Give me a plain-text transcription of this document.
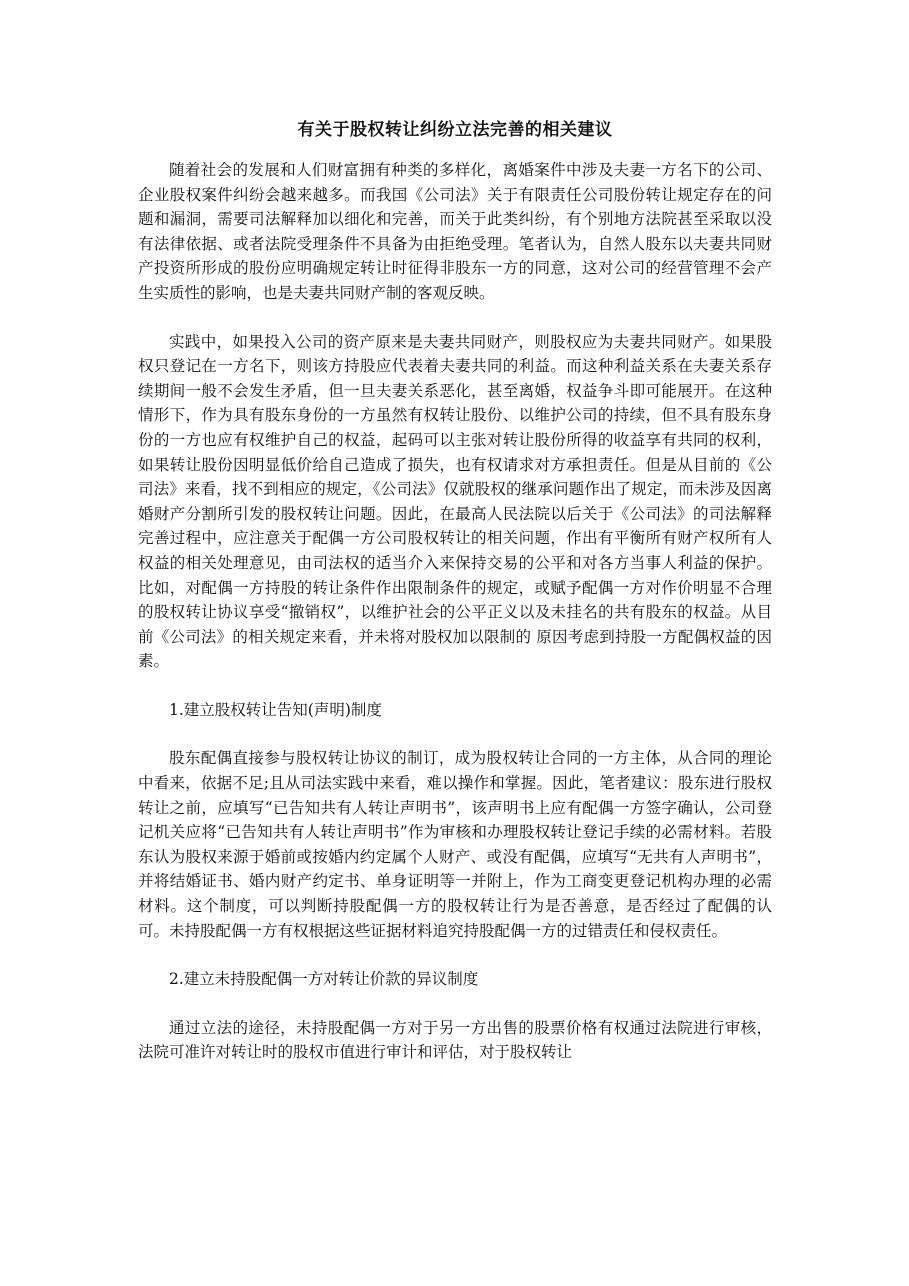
有关于股权转让纠纷立法完善的相关建议

随着社会的发展和人们财富拥有种类的多样化，离婚案件中涉及夫妻一方名下的公司、企业股权案件纠纷会越来越多。而我国《公司法》关于有限责任公司股份转让规定存在的问题和漏洞，需要司法解释加以细化和完善，而关于此类纠纷，有个别地方法院甚至采取以没有法律依据、或者法院受理条件不具备为由拒绝受理。笔者认为，自然人股东以夫妻共同财产投资所形成的股份应明确规定转让时征得非股东一方的同意，这对公司的经营管理不会产生实质性的影响，也是夫妻共同财产制的客观反映。

实践中，如果投入公司的资产原来是夫妻共同财产，则股权应为夫妻共同财产。如果股权只登记在一方名下，则该方持股应代表着夫妻共同的利益。而这种利益关系在夫妻关系存续期间一般不会发生矛盾，但一旦夫妻关系恶化，甚至离婚，权益争斗即可能展开。在这种情形下，作为具有股东身份的一方虽然有权转让股份、以维护公司的持续，但不具有股东身份的一方也应有权维护自己的权益，起码可以主张对转让股份所得的收益享有共同的权利，如果转让股份因明显低价给自己造成了损失，也有权请求对方承担责任。但是从目前的《公司法》来看，找不到相应的规定，《公司法》仅就股权的继承问题作出了规定，而未涉及因离婚财产分割所引发的股权转让问题。因此，在最高人民法院以后关于《公司法》的司法解释完善过程中，应注意关于配偶一方公司股权转让的相关问题，作出有平衡所有财产权所有人权益的相关处理意见，由司法权的适当介入来保持交易的公平和对各方当事人利益的保护。比如，对配偶一方持股的转让条件作出限制条件的规定，或赋予配偶一方对作价明显不合理的股权转让协议享受“撤销权”，以维护社会的公平正义以及未挂名的共有股东的权益。从目前《公司法》的相关规定来看，并未将对股权加以限制的 原因考虑到持股一方配偶权益的因素。

1.建立股权转让告知(声明)制度

股东配偶直接参与股权转让协议的制订，成为股权转让合同的一方主体，从合同的理论中看来，依据不足;且从司法实践中来看，难以操作和掌握。因此，笔者建议：股东进行股权转让之前，应填写“已告知共有人转让声明书”，该声明书上应有配偶一方签字确认，公司登记机关应将“已告知共有人转让声明书”作为审核和办理股权转让登记手续的必需材料。若股东认为股权来源于婚前或按婚内约定属个人财产、或没有配偶，应填写“无共有人声明书”，并将结婚证书、婚内财产约定书、单身证明等一并附上，作为工商变更登记机构办理的必需材料。这个制度，可以判断持股配偶一方的股权转让行为是否善意，是否经过了配偶的认可。未持股配偶一方有权根据这些证据材料追究持股配偶一方的过错责任和侵权责任。

2.建立未持股配偶一方对转让价款的异议制度

通过立法的途径，未持股配偶一方对于另一方出售的股票价格有权通过法院进行审核，法院可准许对转让时的股权市值进行审计和评估，对于股权转让
